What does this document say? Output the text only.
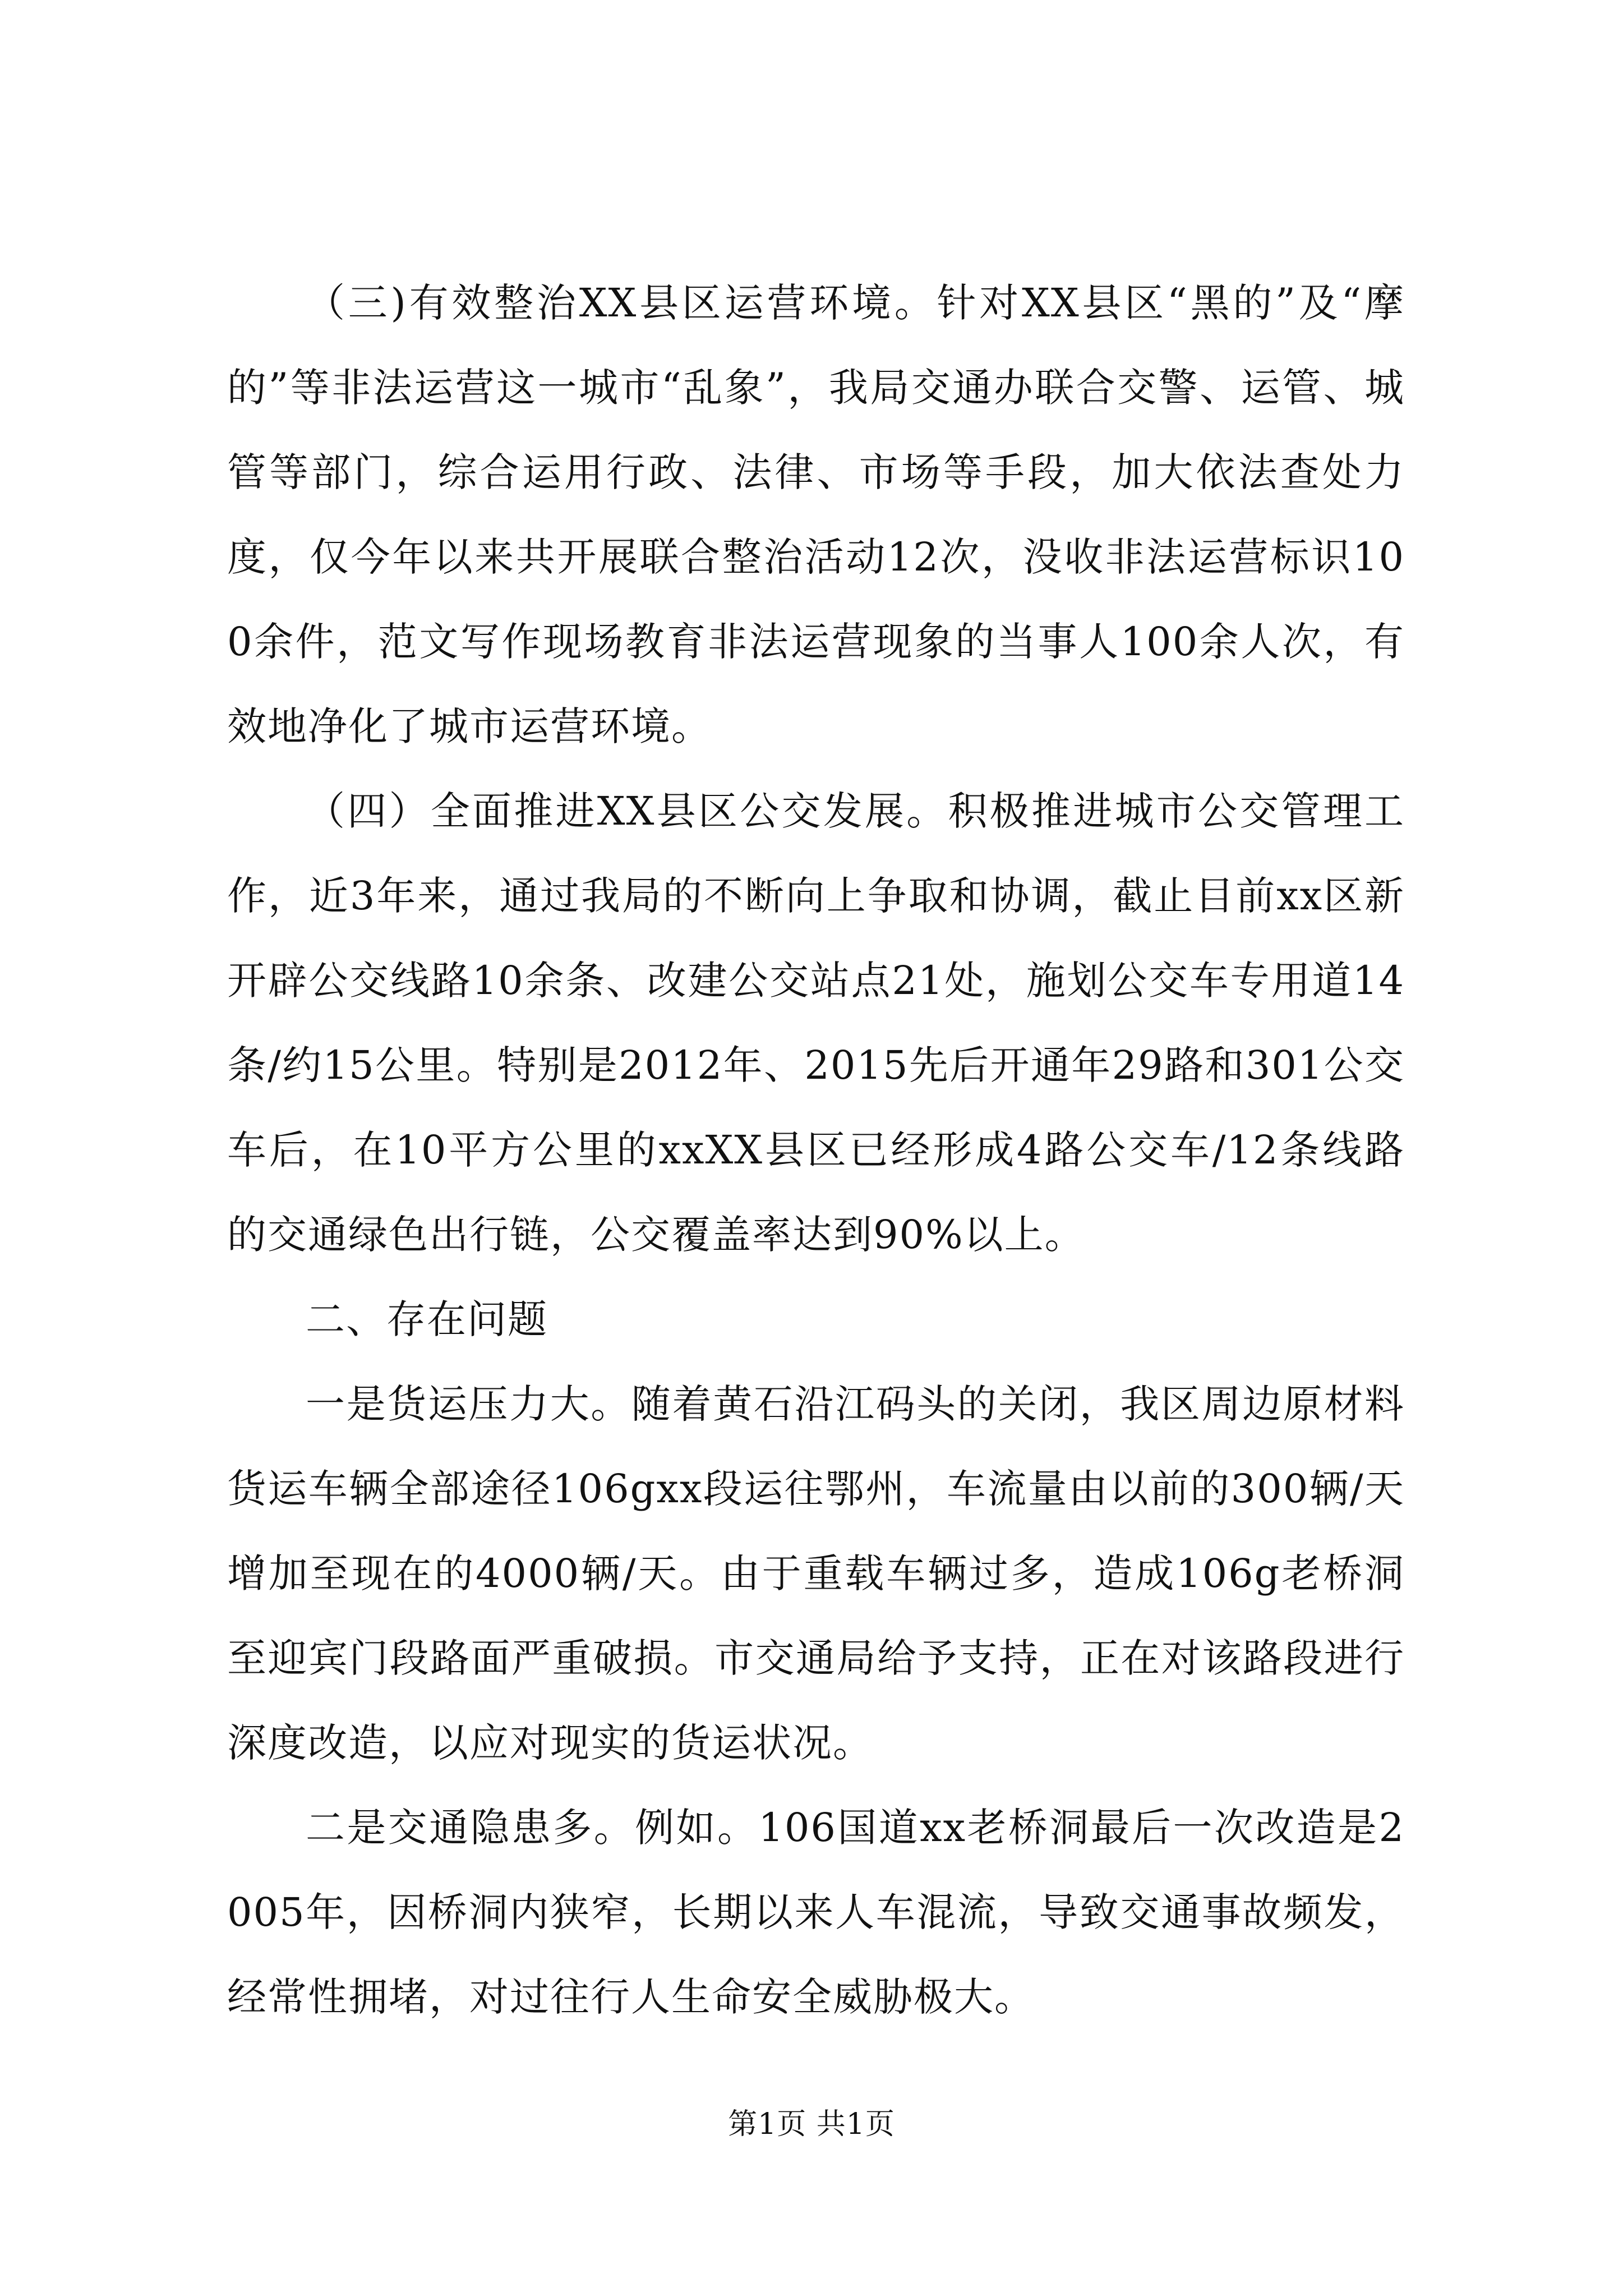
（三)有效整治XX县区运营环境。针对XX县区“黑的”及“摩的”等非法运营这一城市“乱象”，我局交通办联合交警、运管、城管等部门，综合运用行政、法律、市场等手段，加大依法查处力度，仅今年以来共开展联合整治活动12次，没收非法运营标识100余件，范文写作现场教育非法运营现象的当事人100余人次，有效地净化了城市运营环境。

（四）全面推进XX县区公交发展。积极推进城市公交管理工作，近3年来，通过我局的不断向上争取和协调，截止目前xx区新开辟公交线路10余条、改建公交站点21处，施划公交车专用道14条/约15公里。特别是2012年、2015先后开通年29路和301公交车后，在10平方公里的xxXX县区已经形成4路公交车/12条线路的交通绿色出行链，公交覆盖率达到90%以上。

二、存在问题

一是货运压力大。随着黄石沿江码头的关闭，我区周边原材料货运车辆全部途径106gxx段运往鄂州，车流量由以前的300辆/天增加至现在的4000辆/天。由于重载车辆过多，造成106g老桥洞至迎宾门段路面严重破损。市交通局给予支持，正在对该路段进行深度改造，以应对现实的货运状况。

二是交通隐患多。例如。106国道xx老桥洞最后一次改造是2005年，因桥洞内狭窄，长期以来人车混流，导致交通事故频发，经常性拥堵，对过往行人生命安全威胁极大。

第1页 共1页
